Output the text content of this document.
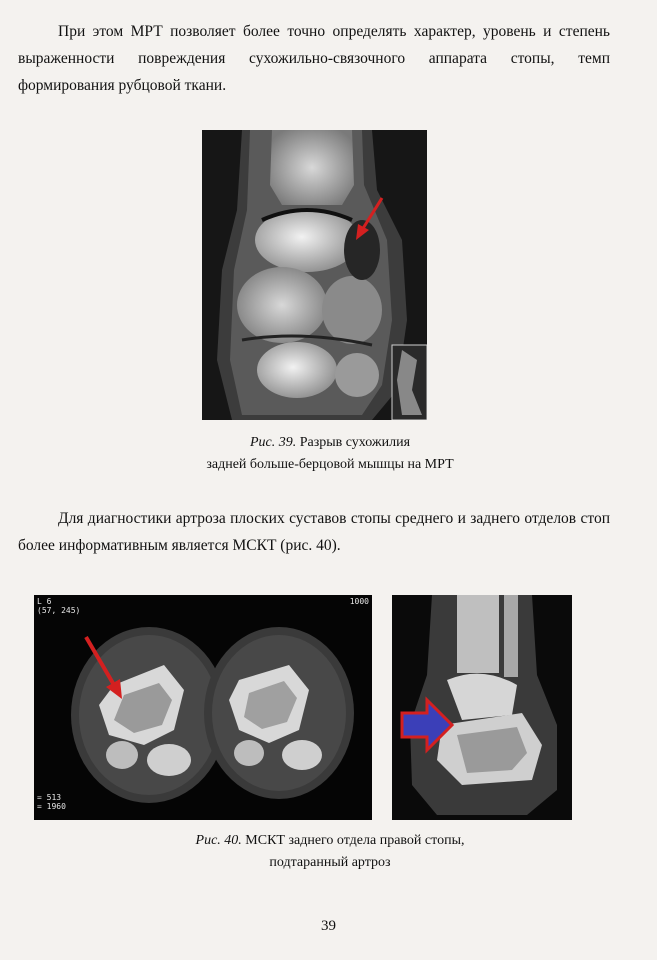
При этом МРТ позволяет более точно определять характер, уровень и степень выраженности повреждения сухожильно-связочного аппарата стопы, темп формирования рубцовой ткани.
Рис. 39. Разрыв сухожилия
задней больше-берцовой мышцы на МРТ
Для диагностики артроза плоских суставов стопы среднего и заднего отделов стоп более информативным является МСКТ (рис. 40).
L 6
(57, 245)
1000
= 513
= 1960
Рис. 40. МСКТ заднего отдела правой стопы,
подтаранный артроз
39
